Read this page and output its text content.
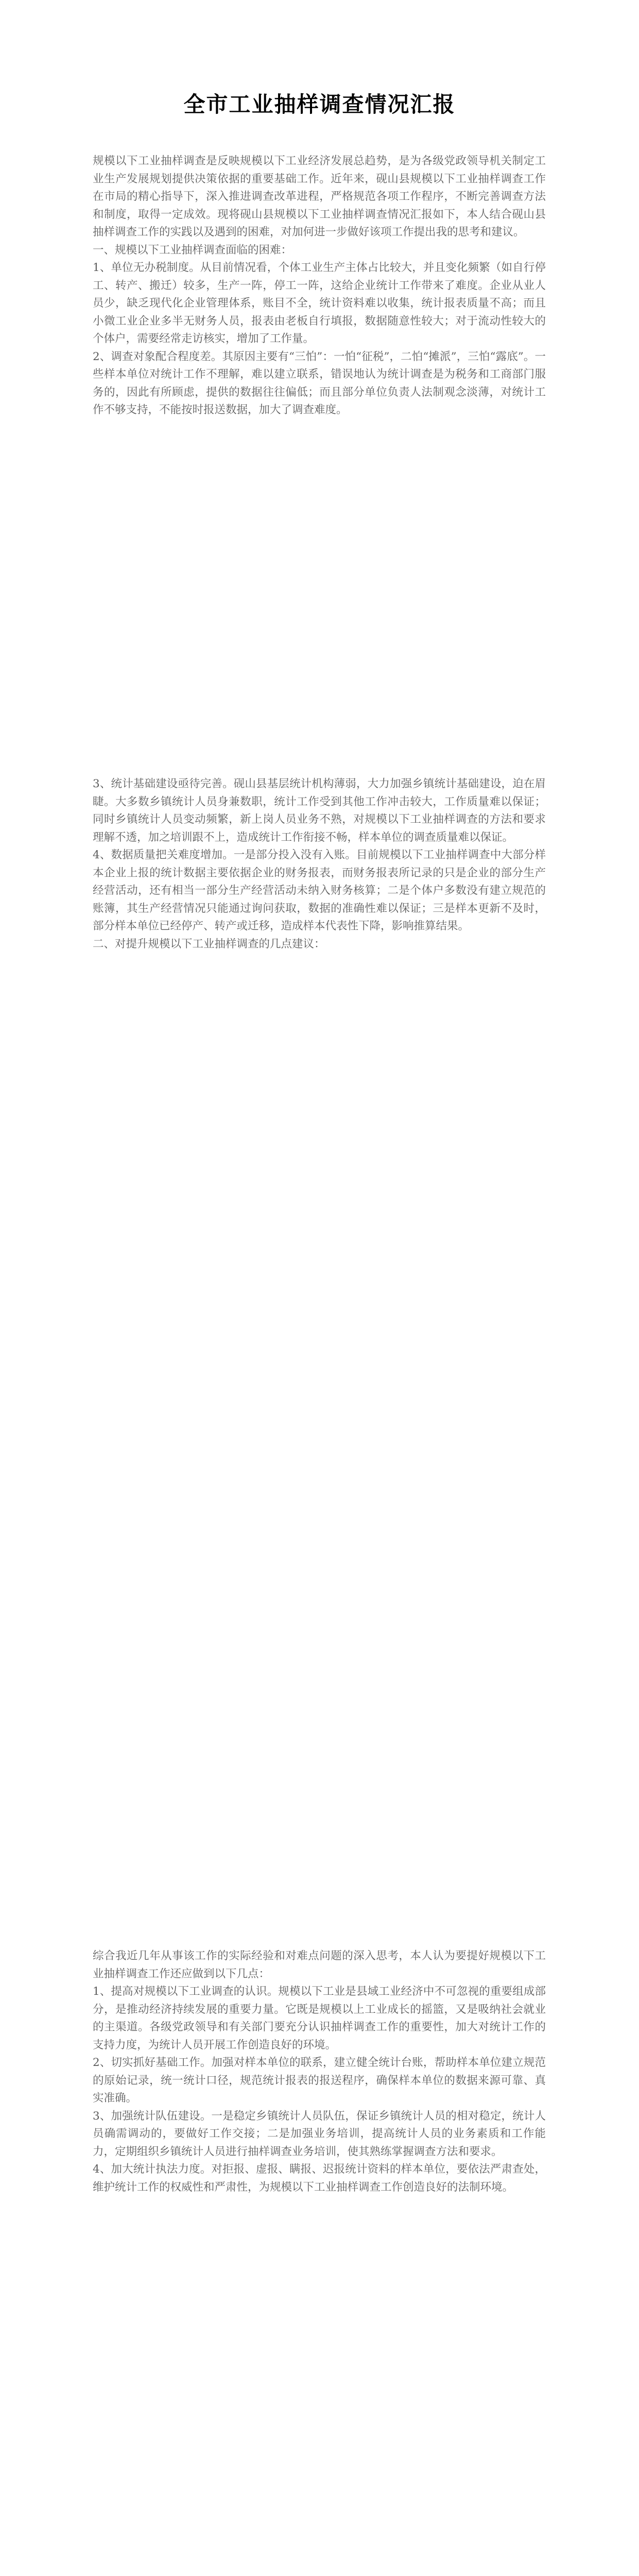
全市工业抽样调查情况汇报

规模以下工业抽样调查是反映规模以下工业经济发展总趋势，是为各级党政领导机关制定工业生产发展规划提供决策依据的重要基础工作。近年来，砚山县规模以下工业抽样调查工作在市局的精心指导下，深入推进调查改革进程，严格规范各项工作程序，不断完善调查方法和制度，取得一定成效。现将砚山县规模以下工业抽样调查情况汇报如下，本人结合砚山县抽样调查工作的实践以及遇到的困难，对加何进一步做好该项工作提出我的思考和建议。

一、规模以下工业抽样调查面临的困难：

1、单位无办税制度。从目前情况看，个体工业生产主体占比较大，并且变化频繁（如自行停工、转产、搬迁）较多，生产一阵，停工一阵，这给企业统计工作带来了难度。企业从业人员少，缺乏现代化企业管理体系，账目不全，统计资料难以收集，统计报表质量不高；而且小微工业企业多半无财务人员，报表由老板自行填报，数据随意性较大；对于流动性较大的个体户，需要经常走访核实，增加了工作量。

2、调查对象配合程度差。其原因主要有“三怕”：一怕“征税”，二怕“摊派”，三怕“露底”。一些样本单位对统计工作不理解，难以建立联系，错误地认为统计调查是为税务和工商部门服务的，因此有所顾虑，提供的数据往往偏低；而且部分单位负责人法制观念淡薄，对统计工作不够支持，不能按时报送数据，加大了调查难度。

3、统计基础建设亟待完善。砚山县基层统计机构薄弱，大力加强乡镇统计基础建设，迫在眉睫。大多数乡镇统计人员身兼数职，统计工作受到其他工作冲击较大，工作质量难以保证；同时乡镇统计人员变动频繁，新上岗人员业务不熟，对规模以下工业抽样调查的方法和要求理解不透，加之培训跟不上，造成统计工作衔接不畅，样本单位的调查质量难以保证。

4、数据质量把关难度增加。一是部分投入没有入账。目前规模以下工业抽样调查中大部分样本企业上报的统计数据主要依据企业的财务报表，而财务报表所记录的只是企业的部分生产经营活动，还有相当一部分生产经营活动未纳入财务核算；二是个体户多数没有建立规范的账簿，其生产经营情况只能通过询问获取，数据的准确性难以保证；三是样本更新不及时，部分样本单位已经停产、转产或迁移，造成样本代表性下降，影响推算结果。

二、对提升规模以下工业抽样调查的几点建议：

综合我近几年从事该工作的实际经验和对难点问题的深入思考，本人认为要提好规模以下工业抽样调查工作还应做到以下几点：

1、提高对规模以下工业调查的认识。规模以下工业是县域工业经济中不可忽视的重要组成部分，是推动经济持续发展的重要力量。它既是规模以上工业成长的摇篮，又是吸纳社会就业的主渠道。各级党政领导和有关部门要充分认识抽样调查工作的重要性，加大对统计工作的支持力度，为统计人员开展工作创造良好的环境。

2、切实抓好基础工作。加强对样本单位的联系，建立健全统计台账，帮助样本单位建立规范的原始记录，统一统计口径，规范统计报表的报送程序，确保样本单位的数据来源可靠、真实准确。

3、加强统计队伍建设。一是稳定乡镇统计人员队伍，保证乡镇统计人员的相对稳定，统计人员确需调动的，要做好工作交接；二是加强业务培训，提高统计人员的业务素质和工作能力，定期组织乡镇统计人员进行抽样调查业务培训，使其熟练掌握调查方法和要求。

4、加大统计执法力度。对拒报、虚报、瞒报、迟报统计资料的样本单位，要依法严肃查处，维护统计工作的权威性和严肃性，为规模以下工业抽样调查工作创造良好的法制环境。
